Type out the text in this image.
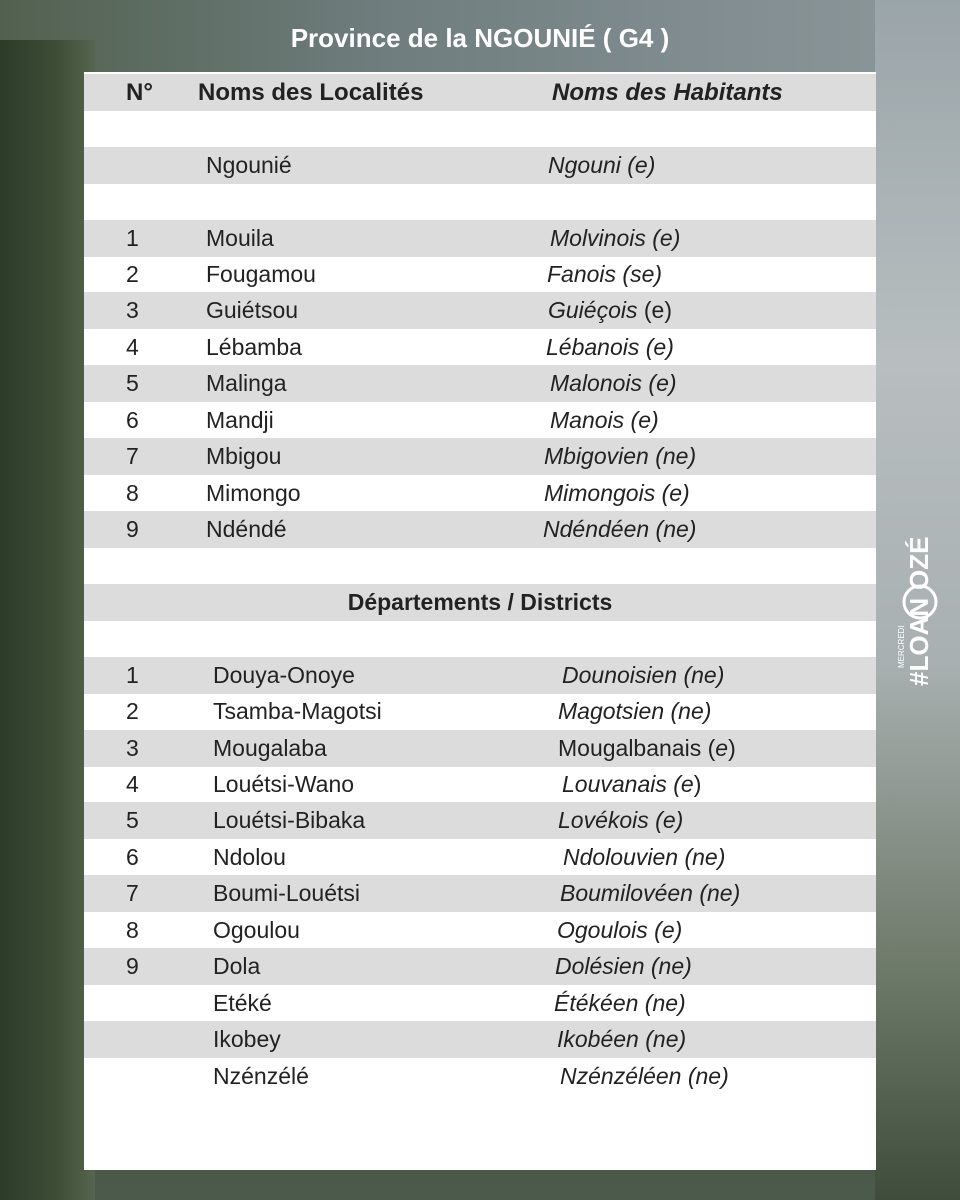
Province de la NGOUNIÉ ( G4 )
N° Noms des Localités	Noms des Habitants
Ngounié	Ngouni (e)
1	Mouila	Molvinois (e)
2	Fougamou	Fanois (se)
3	Guiétsou	Guiéçois (e)
4	Lébamba	Lébanois (e)
5	Malinga	Malonois (e)
6	Mandji	Manois (e)
7	Mbigou	Mbigovien (ne)
8	Mimongo	Mimongois (e)
9	Ndéndé	Ndéndéen (ne)
Départements / Districts
1	Douya-Onoye	Dounoisien (ne)
2	Tsamba-Magotsi	Magotsien (ne)
3	Mougalaba	Mougalbanais (e)
4	Louétsi-Wano	Louvanais (e)
5	Louétsi-Bibaka	Lovékois (e)
6	Ndolou	Ndolouvien (ne)
7	Boumi-Louétsi	Boumilovéen (ne)
8	Ogoulou	Ogoulois (e)
9	Dola	Dolésien (ne)
Etéké	Étékéen (ne)
Ikobey	Ikobéen (ne)
Nzénzélé	Nzénzéléen (ne)
#LOAN
OZÉ
MERCREDI
